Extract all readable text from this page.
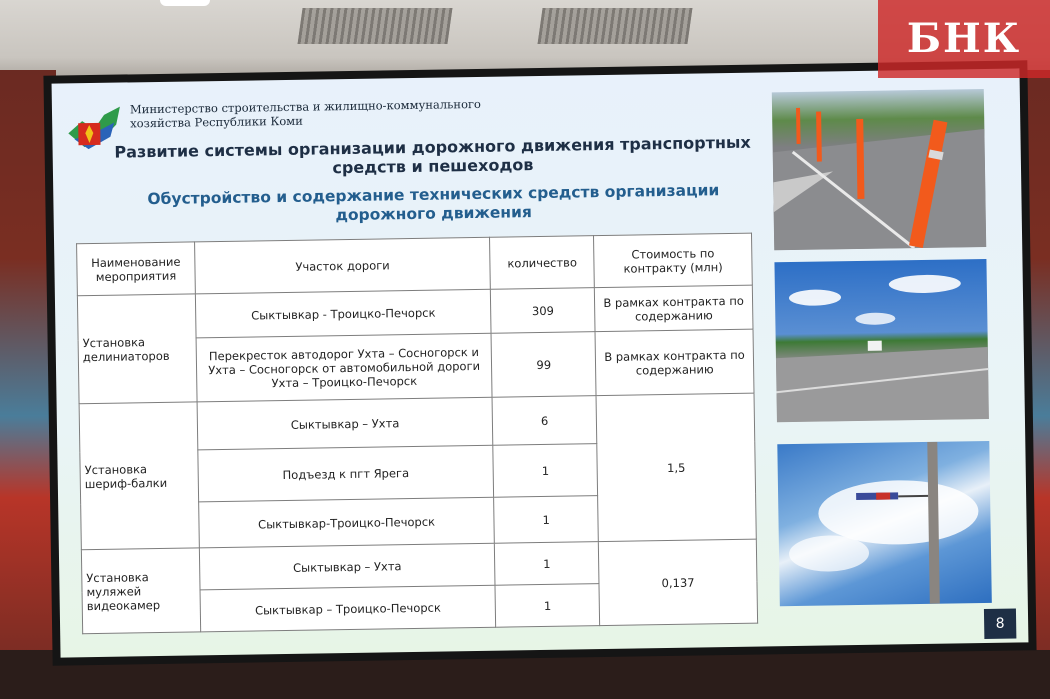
Министерство строительства и жилищно-коммунального хозяйства Республики Коми
Развитие системы организации дорожного движения транспортных средств и пешеходов
Обустройство и содержание технических средств организации дорожного движения
Наименование мероприятия	Участок дороги	количество	Стоимость по контракту (млн)
Установка делиниаторов	Сыктывкар - Троицко-Печорск	309	В рамках контракта по содержанию
	Перекресток автодорог Ухта – Сосногорск и Ухта – Сосногорск от автомобильной дороги Ухта – Троицко-Печорск	99	В рамках контракта по содержанию
Установка шериф-балки	Сыктывкар – Ухта	6	1,5
	Подъезд к пгт Ярега	1	
	Сыктывкар-Троицко-Печорск	1	
Установка муляжей видеокамер	Сыктывкар – Ухта	1	0,137
	Сыктывкар – Троицко-Печорск	1	
8
БНК
